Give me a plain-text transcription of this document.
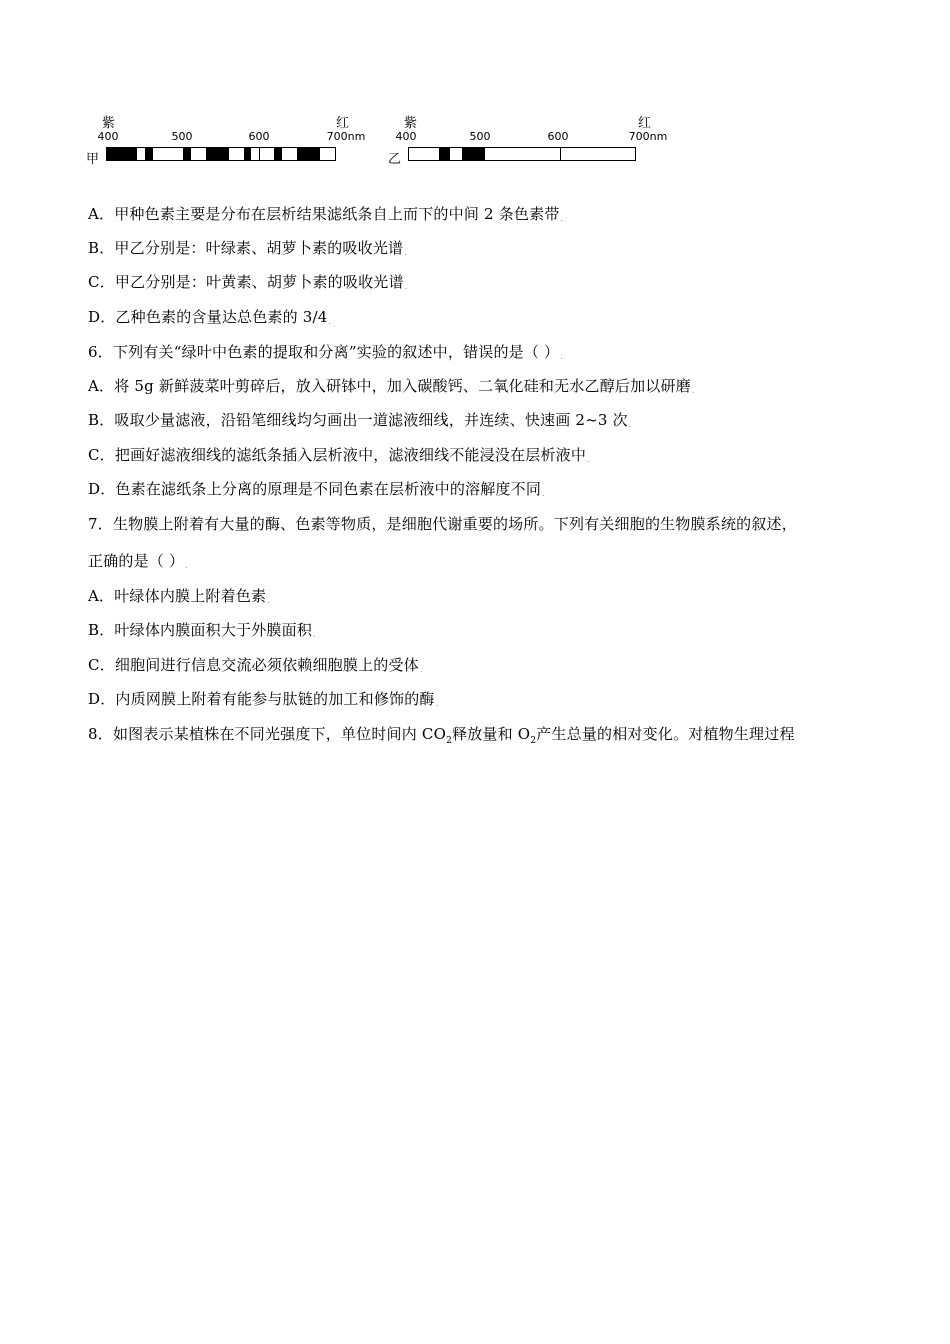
紫	红
400	500	600	700nm
甲
紫	红
400	500	600	700nm
乙
A．甲种色素主要是分布在层析结果滤纸条自上而下的中间 2 条色素带.
B．甲乙分别是：叶绿素、胡萝卜素的吸收光谱.
C．甲乙分别是：叶黄素、胡萝卜素的吸收光谱.
D．乙种色素的含量达总色素的 3/4.
6．下列有关“绿叶中色素的提取和分离”实验的叙述中，错误的是（ ）.
A．将 5g 新鲜菠菜叶剪碎后，放入研钵中，加入碳酸钙、二氧化硅和无水乙醇后加以研磨.
B．吸取少量滤液，沿铅笔细线均匀画出一道滤液细线，并连续、快速画 2~3 次.
C．把画好滤液细线的滤纸条插入层析液中，滤液细线不能浸没在层析液中.
D．色素在滤纸条上分离的原理是不同色素在层析液中的溶解度不同.
7．生物膜上附着有大量的酶、色素等物质，是细胞代谢重要的场所。下列有关细胞的生物膜系统的叙述，
正确的是（ ）.
A．叶绿体内膜上附着色素.
B．叶绿体内膜面积大于外膜面积.
C．细胞间进行信息交流必须依赖细胞膜上的受体.
D．内质网膜上附着有能参与肽链的加工和修饰的酶.
8．如图表示某植株在不同光强度下，单位时间内 $CO_2$释放量和 $O_2$产生总量的相对变化。对植物生理过程
